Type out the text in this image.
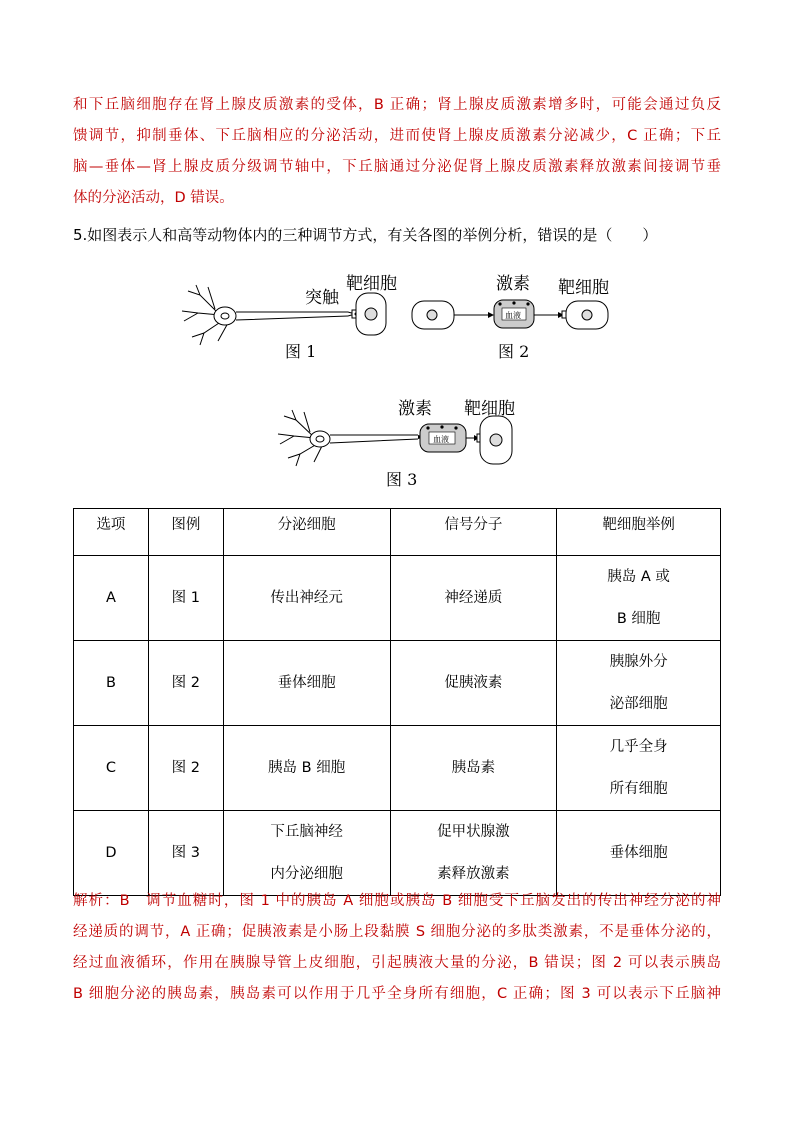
和下丘脑细胞存在肾上腺皮质激素的受体，B 正确；肾上腺皮质激素增多时，可能会通过负反
馈调节，抑制垂体、下丘脑相应的分泌活动，进而使肾上腺皮质激素分泌减少，C 正确；下丘
脑—垂体—肾上腺皮质分级调节轴中，下丘脑通过分泌促肾上腺皮质激素释放激素间接调节垂
体的分泌活动，D 错误。
5.如图表示人和高等动物体内的三种调节方式，有关各图的举例分析，错误的是（　　）
突触
靶细胞
图 1
血液
激素 靶细胞
图 2
血液
激素 靶细胞
图 3
选项	图例	分泌细胞	信号分子	靶细胞举例
A	图 1	传出神经元	神经递质	胰岛 A 或
B 细胞

B	图 2	垂体细胞	促胰液素	胰腺外分
泌部细胞

C	图 2	胰岛 B 细胞	胰岛素	几乎全身
所有细胞

D	图 3	下丘脑神经
内分泌细胞	促甲状腺激
素释放激素	垂体细胞
解析：B　调节血糖时，图 1 中的胰岛 A 细胞或胰岛 B 细胞受下丘脑发出的传出神经分泌的神
经递质的调节，A 正确；促胰液素是小肠上段黏膜 S 细胞分泌的多肽类激素，不是垂体分泌的，
经过血液循环，作用在胰腺导管上皮细胞，引起胰液大量的分泌，B 错误；图 2 可以表示胰岛
B 细胞分泌的胰岛素，胰岛素可以作用于几乎全身所有细胞，C 正确；图 3 可以表示下丘脑神
